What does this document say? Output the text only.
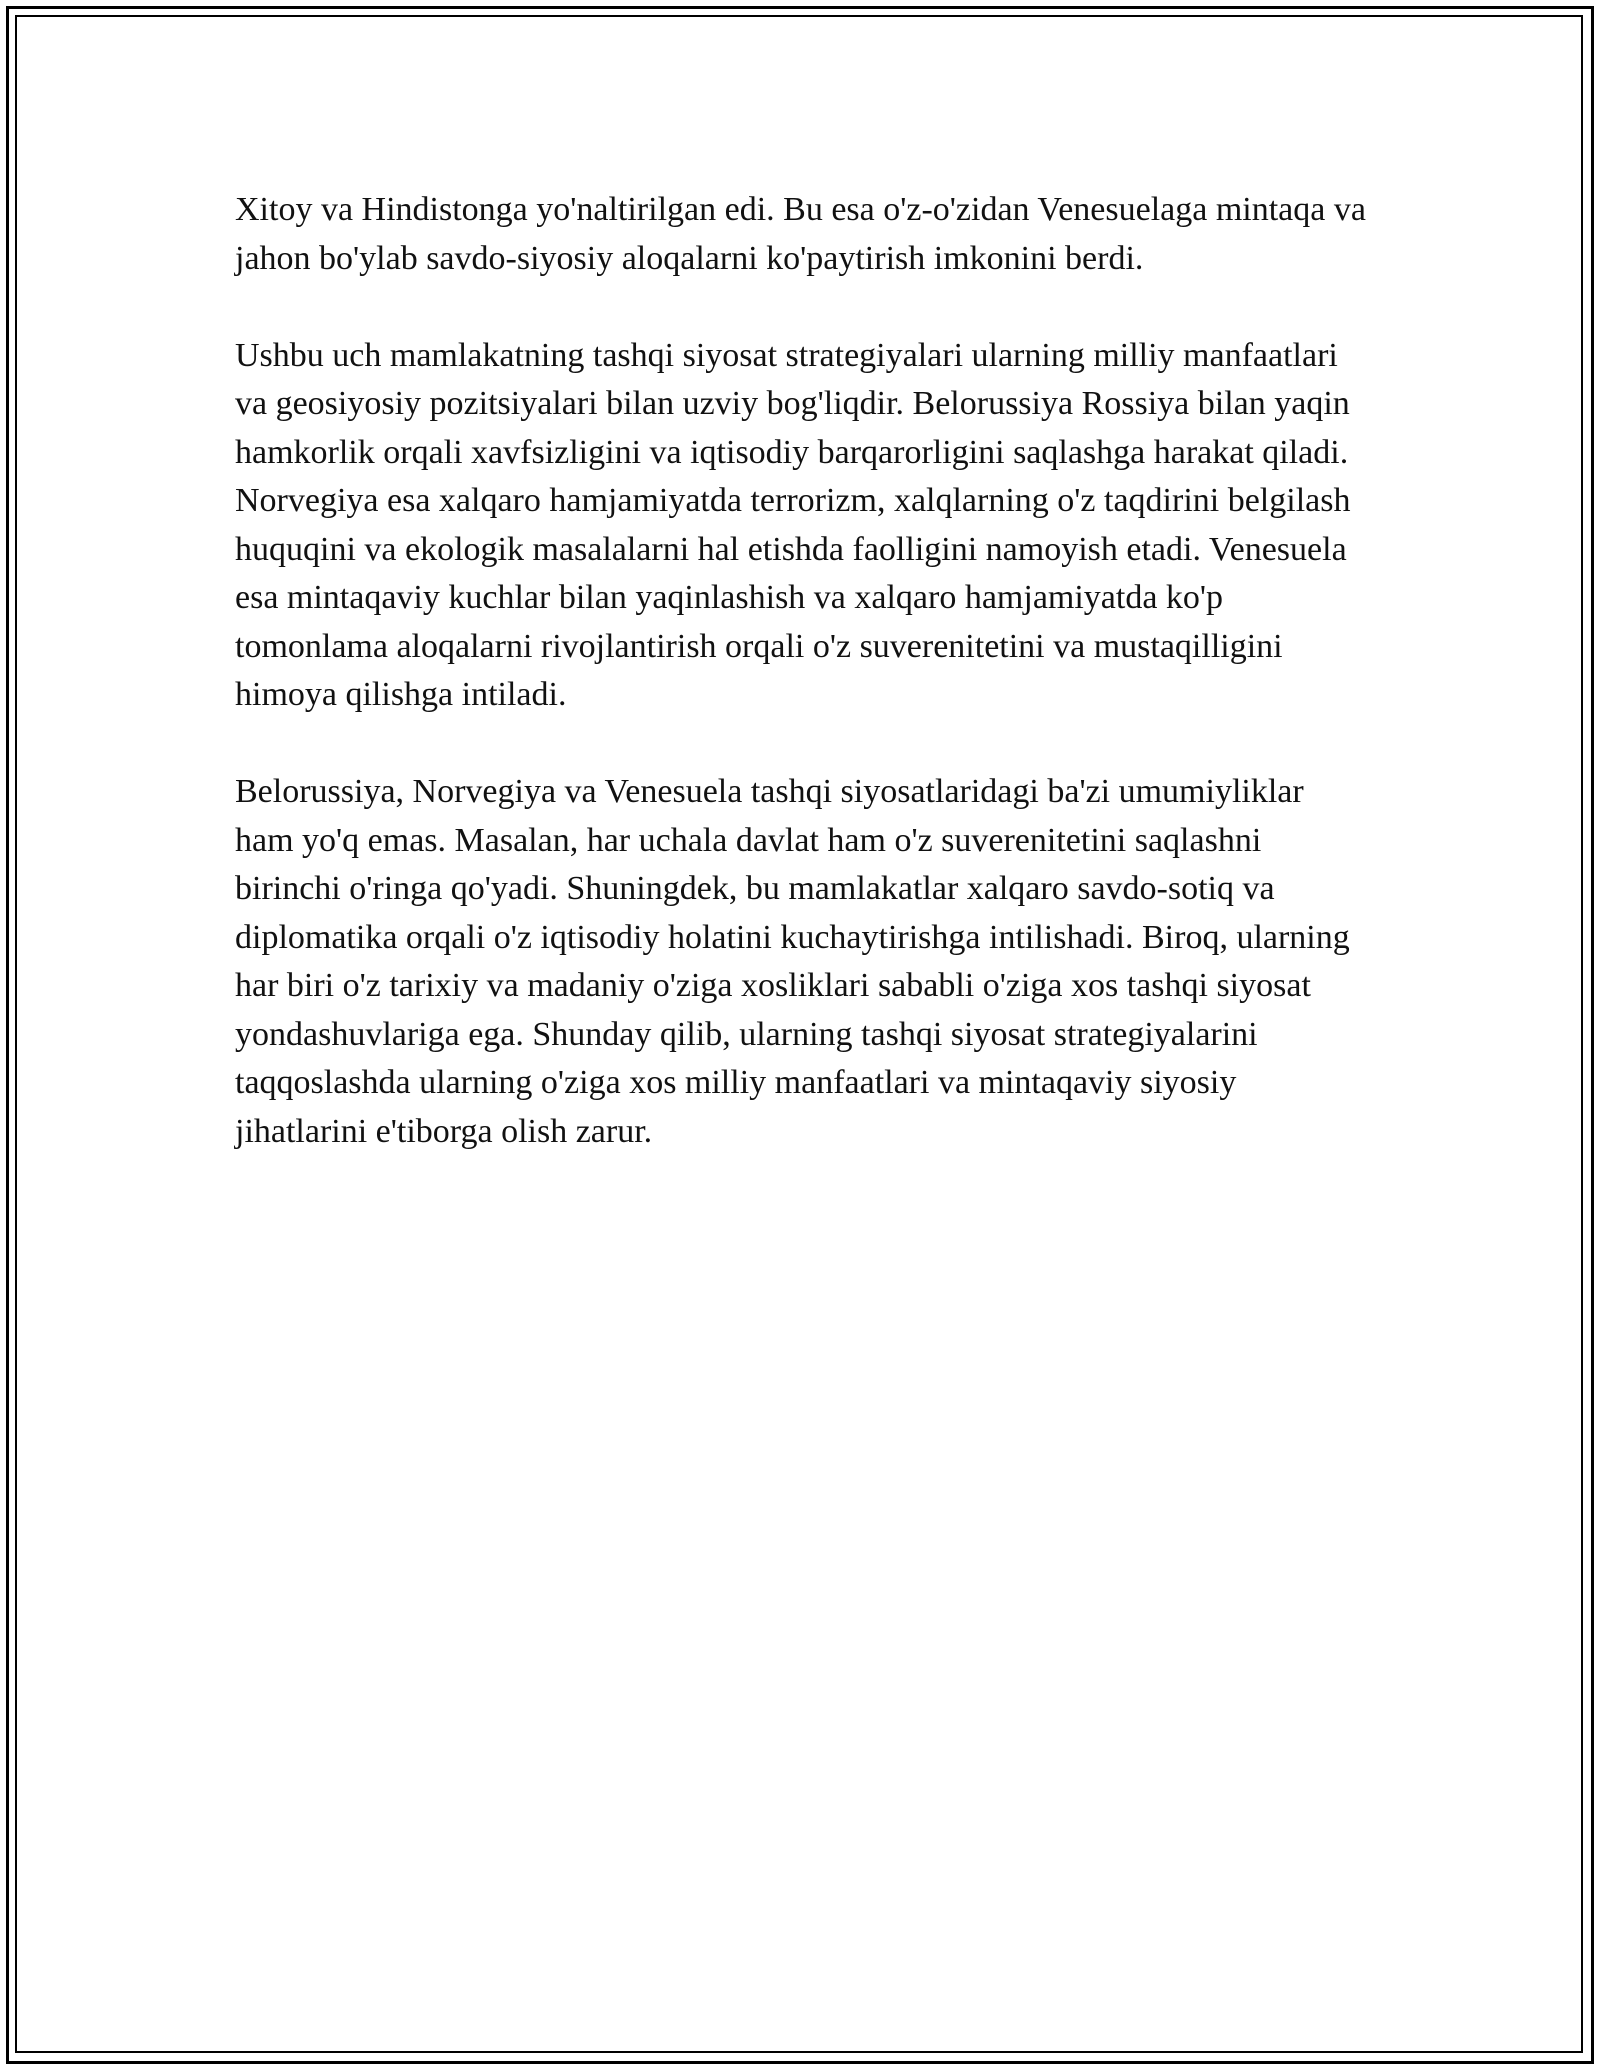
Xitoy va Hindistonga yo'naltirilgan edi. Bu esa o'z-o'zidan Venesuelaga mintaqa va jahon bo'ylab savdo-siyosiy aloqalarni ko'paytirish imkonini berdi.

Ushbu uch mamlakatning tashqi siyosat strategiyalari ularning milliy manfaatlari va geosiyosiy pozitsiyalari bilan uzviy bog'liqdir. Belorussiya Rossiya bilan yaqin hamkorlik orqali xavfsizligini va iqtisodiy barqarorligini saqlashga harakat qiladi. Norvegiya esa xalqaro hamjamiyatda terrorizm, xalqlarning o'z taqdirini belgilash huquqini va ekologik masalalarni hal etishda faolligini namoyish etadi. Venesuela esa mintaqaviy kuchlar bilan yaqinlashish va xalqaro hamjamiyatda ko'p tomonlama aloqalarni rivojlantirish orqali o'z suverenitetini va mustaqilligini himoya qilishga intiladi.

Belorussiya, Norvegiya va Venesuela tashqi siyosatlaridagi ba'zi umumiyliklar ham yo'q emas. Masalan, har uchala davlat ham o'z suverenitetini saqlashni birinchi o'ringa qo'yadi. Shuningdek, bu mamlakatlar xalqaro savdo-sotiq va diplomatika orqali o'z iqtisodiy holatini kuchaytirishga intilishadi. Biroq, ularning har biri o'z tarixiy va madaniy o'ziga xosliklari sababli o'ziga xos tashqi siyosat yondashuvlariga ega. Shunday qilib, ularning tashqi siyosat strategiyalarini taqqoslashda ularning o'ziga xos milliy manfaatlari va mintaqaviy siyosiy jihatlarini e'tiborga olish zarur.
